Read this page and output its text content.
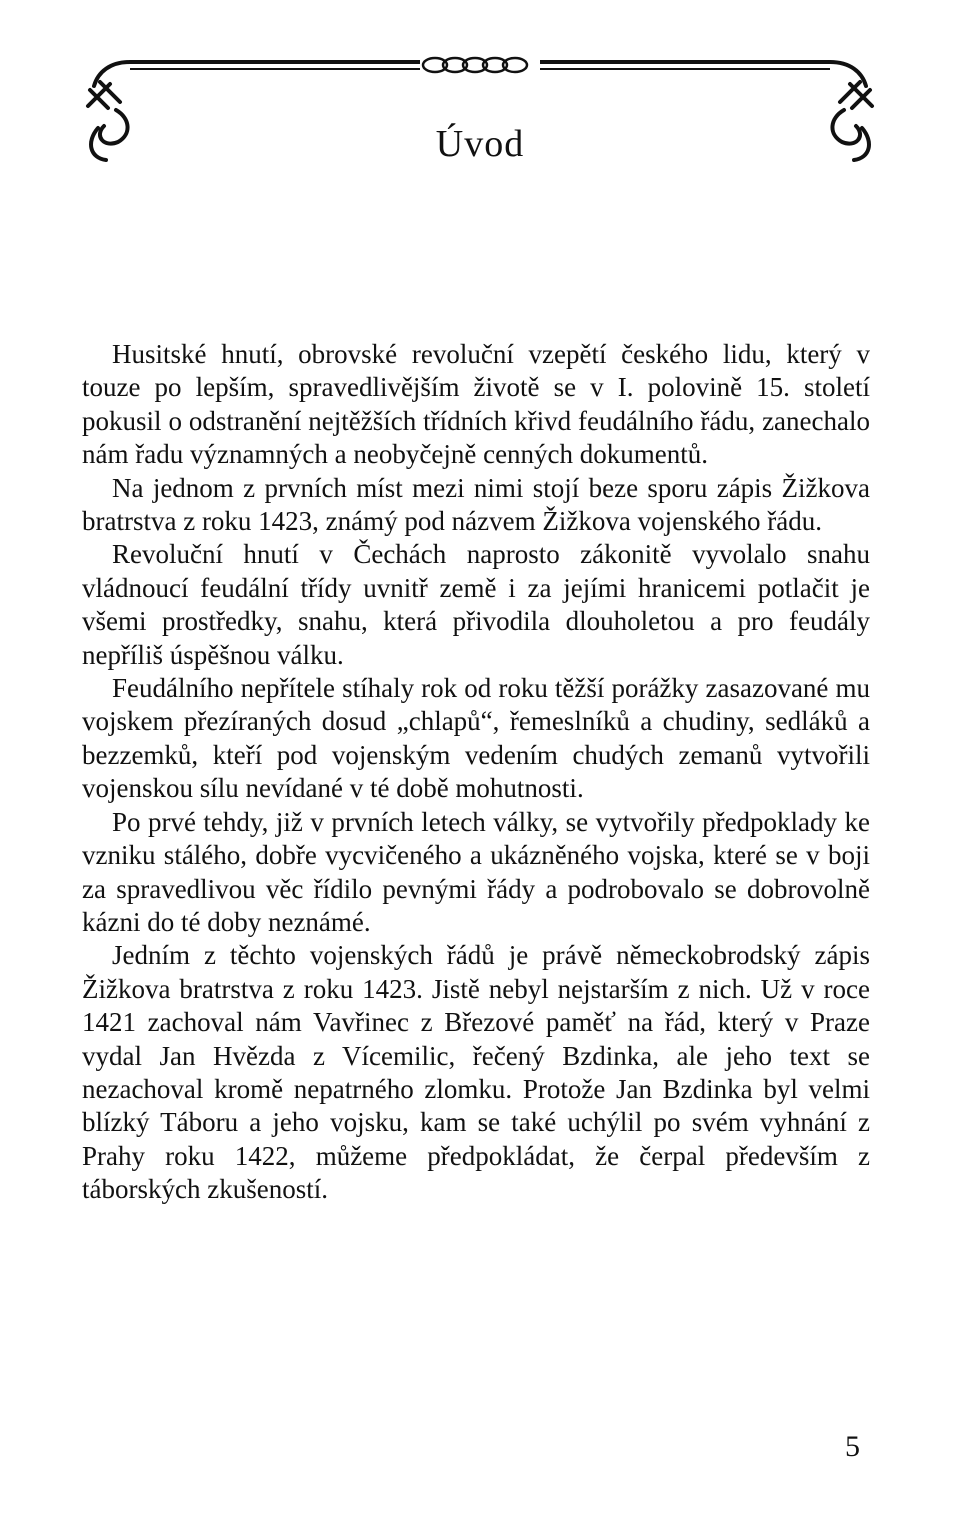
Úvod

Husitské hnutí, obrovské revoluční vzepětí českého lidu, který v touze po lepším, spravedlivějším životě se v I. polovině 15. století pokusil o odstranění nejtěžších třídních křivd feudálního řádu, zanechalo nám řadu významných a neobyčejně cenných dokumentů.

Na jednom z prvních míst mezi nimi stojí beze sporu zápis Žižkova bratrstva z roku 1423, známý pod názvem Žižkova vojenského řádu.

Revoluční hnutí v Čechách naprosto zákonitě vyvolalo snahu vládnoucí feudální třídy uvnitř země i za jejími hranicemi potlačit je všemi prostředky, snahu, která přivodila dlouholetou a pro feudály nepříliš úspěšnou válku.

Feudálního nepřítele stíhaly rok od roku těžší porážky zasazované mu vojskem přezíraných dosud „chlapů“, řemeslníků a chudiny, sedláků a bezzemků, kteří pod vojenským vedením chudých zemanů vytvořili vojenskou sílu nevídané v té době mohutnosti.

Po prvé tehdy, již v prvních letech války, se vytvořily předpoklady ke vzniku stálého, dobře vycvičeného a ukázněného vojska, které se v boji za spravedlivou věc řídilo pevnými řády a podrobovalo se dobrovolně kázni do té doby neznámé.

Jedním z těchto vojenských řádů je právě německobrodský zápis Žižkova bratrstva z roku 1423. Jistě nebyl nejstarším z nich. Už v roce 1421 zachoval nám Vavřinec z Březové paměť na řád, který v Praze vydal Jan Hvězda z Vícemilic, řečený Bzdinka, ale jeho text se nezachoval kromě nepatrného zlomku. Protože Jan Bzdinka byl velmi blízký Táboru a jeho vojsku, kam se také uchýlil po svém vyhnání z Prahy roku 1422, můžeme předpokládat, že čerpal především z táborských zkušeností.

5
